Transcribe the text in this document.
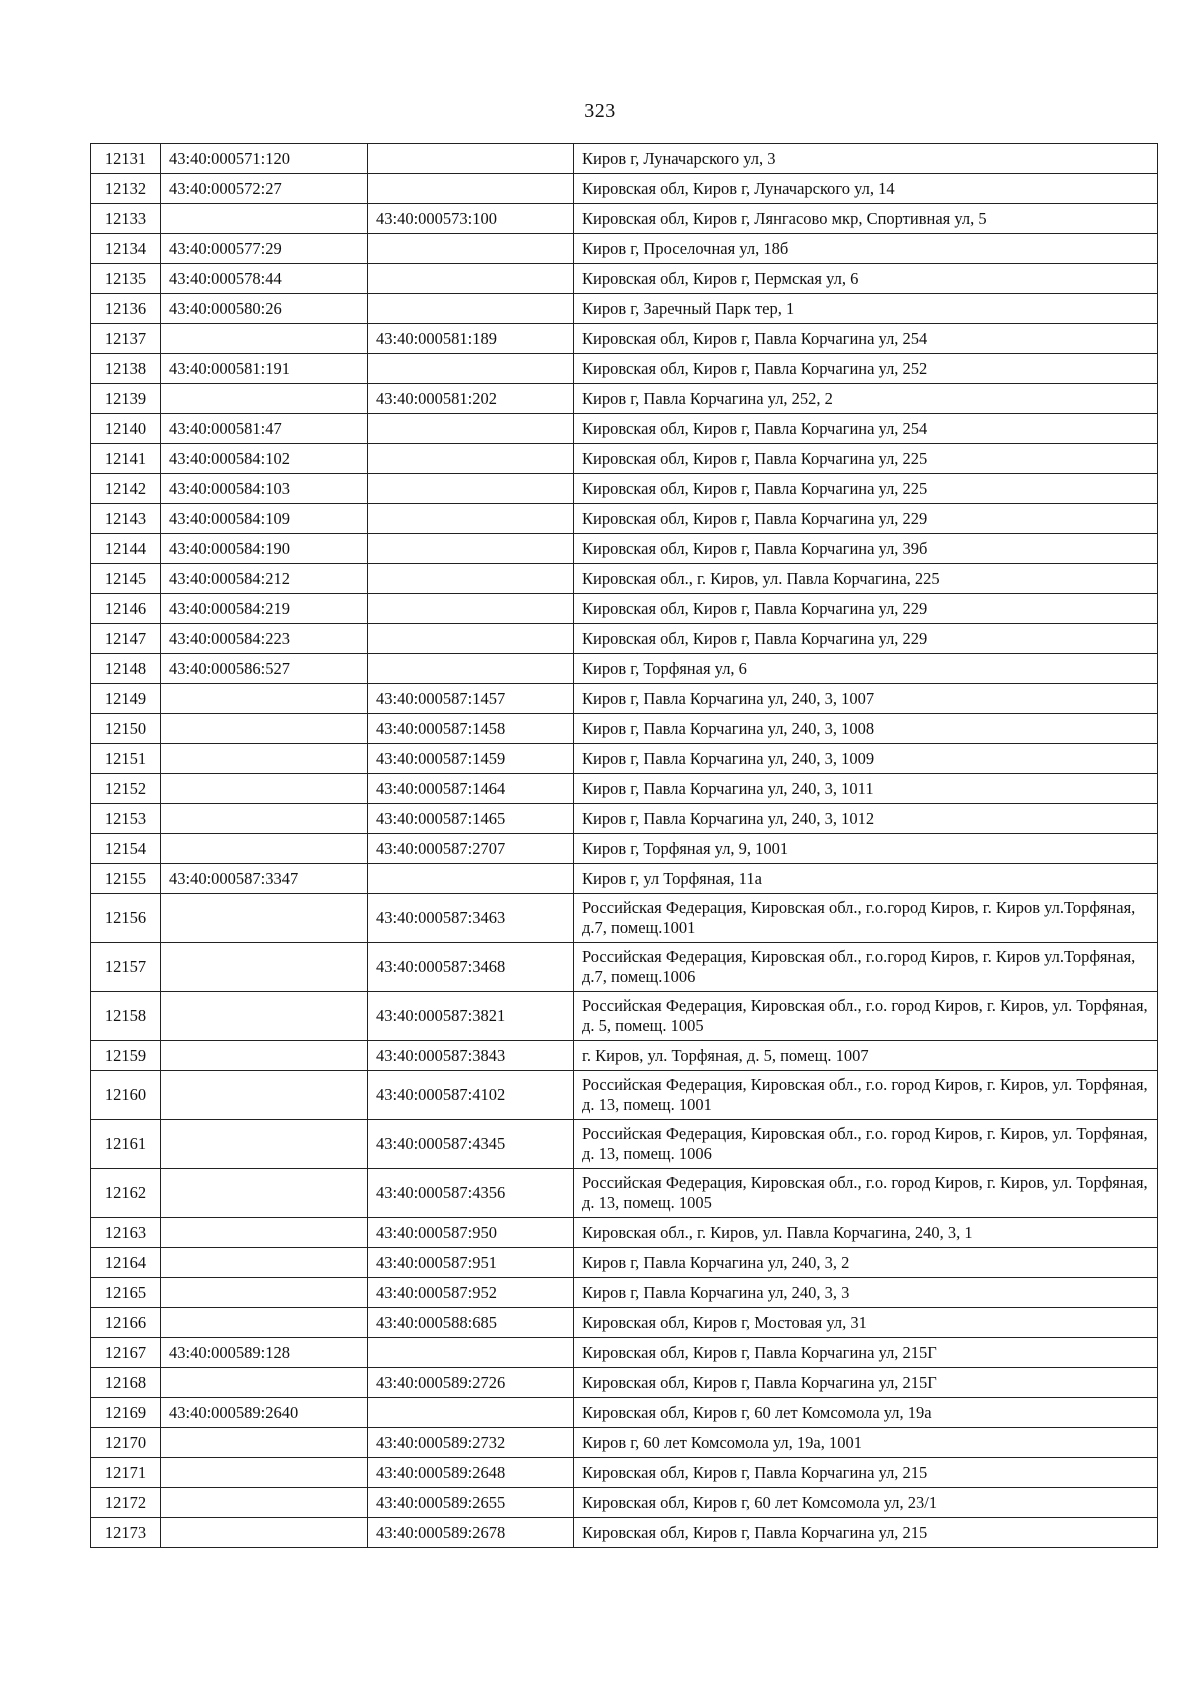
323
12131	43:40:000571:120		Киров г, Луначарского ул, 3
12132	43:40:000572:27		Кировская обл, Киров г, Луначарского ул, 14
12133		43:40:000573:100	Кировская обл, Киров г, Лянгасово мкр, Спортивная ул, 5
12134	43:40:000577:29		Киров г, Проселочная ул, 18б
12135	43:40:000578:44		Кировская обл, Киров г, Пермская ул, 6
12136	43:40:000580:26		Киров г, Заречный Парк тер, 1
12137		43:40:000581:189	Кировская обл, Киров г, Павла Корчагина ул, 254
12138	43:40:000581:191		Кировская обл, Киров г, Павла Корчагина ул, 252
12139		43:40:000581:202	Киров г, Павла Корчагина ул, 252, 2
12140	43:40:000581:47		Кировская обл, Киров г, Павла Корчагина ул, 254
12141	43:40:000584:102		Кировская обл, Киров г, Павла Корчагина ул, 225
12142	43:40:000584:103		Кировская обл, Киров г, Павла Корчагина ул, 225
12143	43:40:000584:109		Кировская обл, Киров г, Павла Корчагина ул, 229
12144	43:40:000584:190		Кировская обл, Киров г, Павла Корчагина ул, 39б
12145	43:40:000584:212		Кировская обл., г. Киров, ул. Павла Корчагина, 225
12146	43:40:000584:219		Кировская обл, Киров г, Павла Корчагина ул, 229
12147	43:40:000584:223		Кировская обл, Киров г, Павла Корчагина ул, 229
12148	43:40:000586:527		Киров г, Торфяная ул, 6
12149		43:40:000587:1457	Киров г, Павла Корчагина ул, 240, 3, 1007
12150		43:40:000587:1458	Киров г, Павла Корчагина ул, 240, 3, 1008
12151		43:40:000587:1459	Киров г, Павла Корчагина ул, 240, 3, 1009
12152		43:40:000587:1464	Киров г, Павла Корчагина ул, 240, 3, 1011
12153		43:40:000587:1465	Киров г, Павла Корчагина ул, 240, 3, 1012
12154		43:40:000587:2707	Киров г, Торфяная ул, 9, 1001
12155	43:40:000587:3347		Киров г, ул Торфяная, 11а
12156		43:40:000587:3463	Российская Федерация, Кировская обл., г.о.город Киров, г. Киров ул.Торфяная, д.7, помещ.1001
12157		43:40:000587:3468	Российская Федерация, Кировская обл., г.о.город Киров, г. Киров ул.Торфяная, д.7, помещ.1006
12158		43:40:000587:3821	Российская Федерация, Кировская обл., г.о. город Киров, г. Киров, ул. Торфяная, д. 5, помещ. 1005
12159		43:40:000587:3843	г. Киров, ул. Торфяная, д. 5, помещ. 1007
12160		43:40:000587:4102	Российская Федерация, Кировская обл., г.о. город Киров, г. Киров, ул. Торфяная, д. 13, помещ. 1001
12161		43:40:000587:4345	Российская Федерация, Кировская обл., г.о. город Киров, г. Киров, ул. Торфяная, д. 13, помещ. 1006
12162		43:40:000587:4356	Российская Федерация, Кировская обл., г.о. город Киров, г. Киров, ул. Торфяная, д. 13, помещ. 1005
12163		43:40:000587:950	Кировская обл., г. Киров, ул. Павла Корчагина, 240, 3, 1
12164		43:40:000587:951	Киров г, Павла Корчагина ул, 240, 3, 2
12165		43:40:000587:952	Киров г, Павла Корчагина ул, 240, 3, 3
12166		43:40:000588:685	Кировская обл, Киров г, Мостовая ул, 31
12167	43:40:000589:128		Кировская обл, Киров г, Павла Корчагина ул, 215Г
12168		43:40:000589:2726	Кировская обл, Киров г, Павла Корчагина ул, 215Г
12169	43:40:000589:2640		Кировская обл, Киров г, 60 лет Комсомола ул, 19а
12170		43:40:000589:2732	Киров г, 60 лет Комсомола ул, 19а, 1001
12171		43:40:000589:2648	Кировская обл, Киров г, Павла Корчагина ул, 215
12172		43:40:000589:2655	Кировская обл, Киров г, 60 лет Комсомола ул, 23/1
12173		43:40:000589:2678	Кировская обл, Киров г, Павла Корчагина ул, 215
